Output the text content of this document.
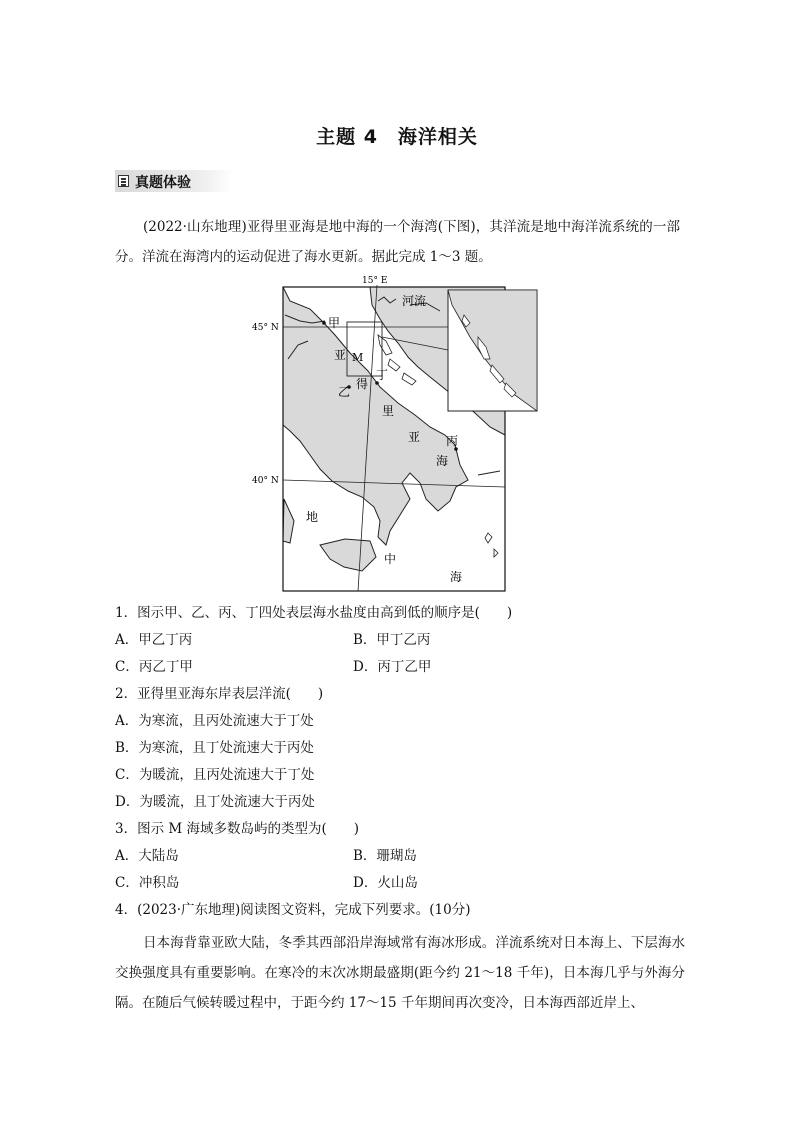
主题 4　海洋相关
真题体验
(2022·山东地理)亚得里亚海是地中海的一个海湾(下图)，其洋流是地中海洋流系统的一部分。洋流在海湾内的运动促进了海水更新。据此完成 1～3 题。
15° E
45° N
40° N
河流
甲
M
亚
得
丁
乙
里
亚 丙
海
地
中
海
1．图示甲、乙、丙、丁四处表层海水盐度由高到低的顺序是(　　)
A．甲乙丁丙	B．甲丁乙丙
C．丙乙丁甲	D．丙丁乙甲
2．亚得里亚海东岸表层洋流(　　)
A．为寒流，且丙处流速大于丁处
B．为寒流，且丁处流速大于丙处
C．为暖流，且丙处流速大于丁处
D．为暖流，且丁处流速大于丙处
3．图示 M 海域多数岛屿的类型为(　　)
A．大陆岛	B．珊瑚岛
C．冲积岛	D．火山岛
4．(2023·广东地理)阅读图文资料，完成下列要求。(10分)
日本海背靠亚欧大陆，冬季其西部沿岸海域常有海冰形成。洋流系统对日本海上、下层海水交换强度具有重要影响。在寒冷的末次冰期最盛期(距今约 21～18 千年)，日本海几乎与外海分隔。在随后气候转暖过程中，于距今约 17～15 千年期间再次变冷，日本海西部近岸上、
